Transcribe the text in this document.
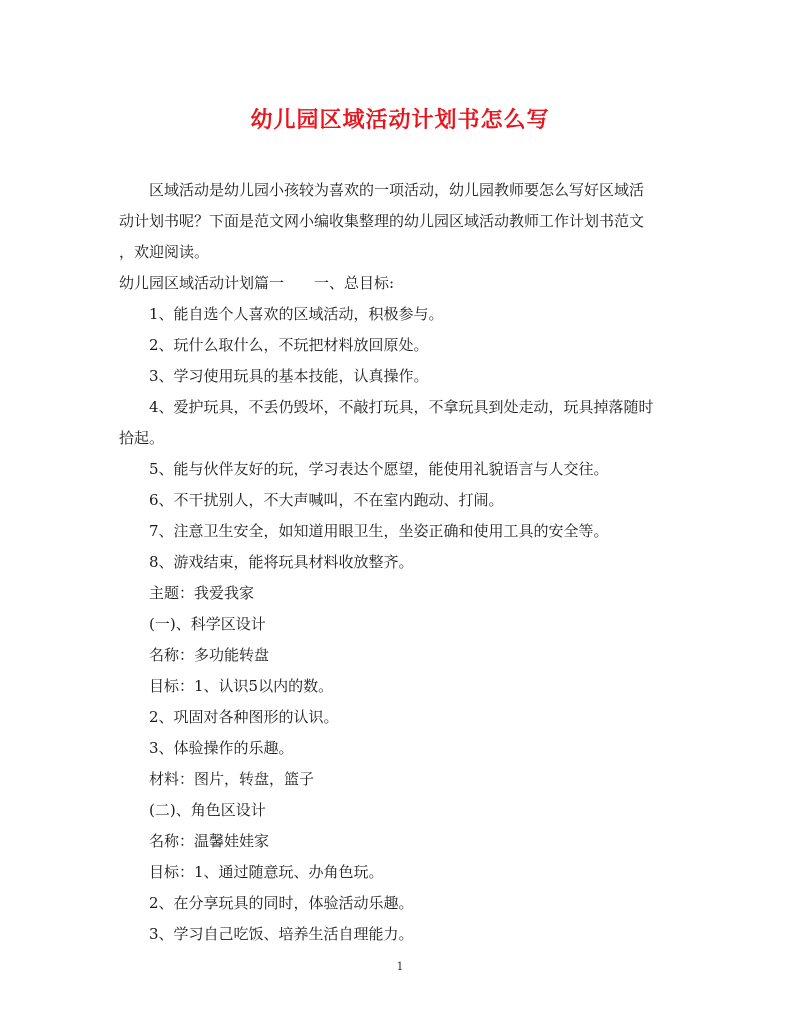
幼儿园区域活动计划书怎么写

区域活动是幼儿园小孩较为喜欢的一项活动，幼儿园教师要怎么写好区域活

动计划书呢？下面是范文网小编收集整理的幼儿园区域活动教师工作计划书范文

，欢迎阅读。

幼儿园区域活动计划篇一 一、总目标:

1、能自选个人喜欢的区域活动，积极参与。

2、玩什么取什么，不玩把材料放回原处。

3、学习使用玩具的基本技能，认真操作。

4、爱护玩具，不丢仍毁坏，不敲打玩具，不拿玩具到处走动，玩具掉落随时

拾起。

5、能与伙伴友好的玩，学习表达个愿望，能使用礼貌语言与人交往。

6、不干扰别人，不大声喊叫，不在室内跑动、打闹。

7、注意卫生安全，如知道用眼卫生，坐姿正确和使用工具的安全等。

8、游戏结束，能将玩具材料收放整齐。

主题：我爱我家

(一)、科学区设计

名称：多功能转盘

目标：1、认识5以内的数。

2、巩固对各种图形的认识。

3、体验操作的乐趣。

材料：图片，转盘，篮子

(二)、角色区设计

名称：温馨娃娃家

目标：1、通过随意玩、办角色玩。

2、在分享玩具的同时，体验活动乐趣。

3、学习自己吃饭、培养生活自理能力。

1
